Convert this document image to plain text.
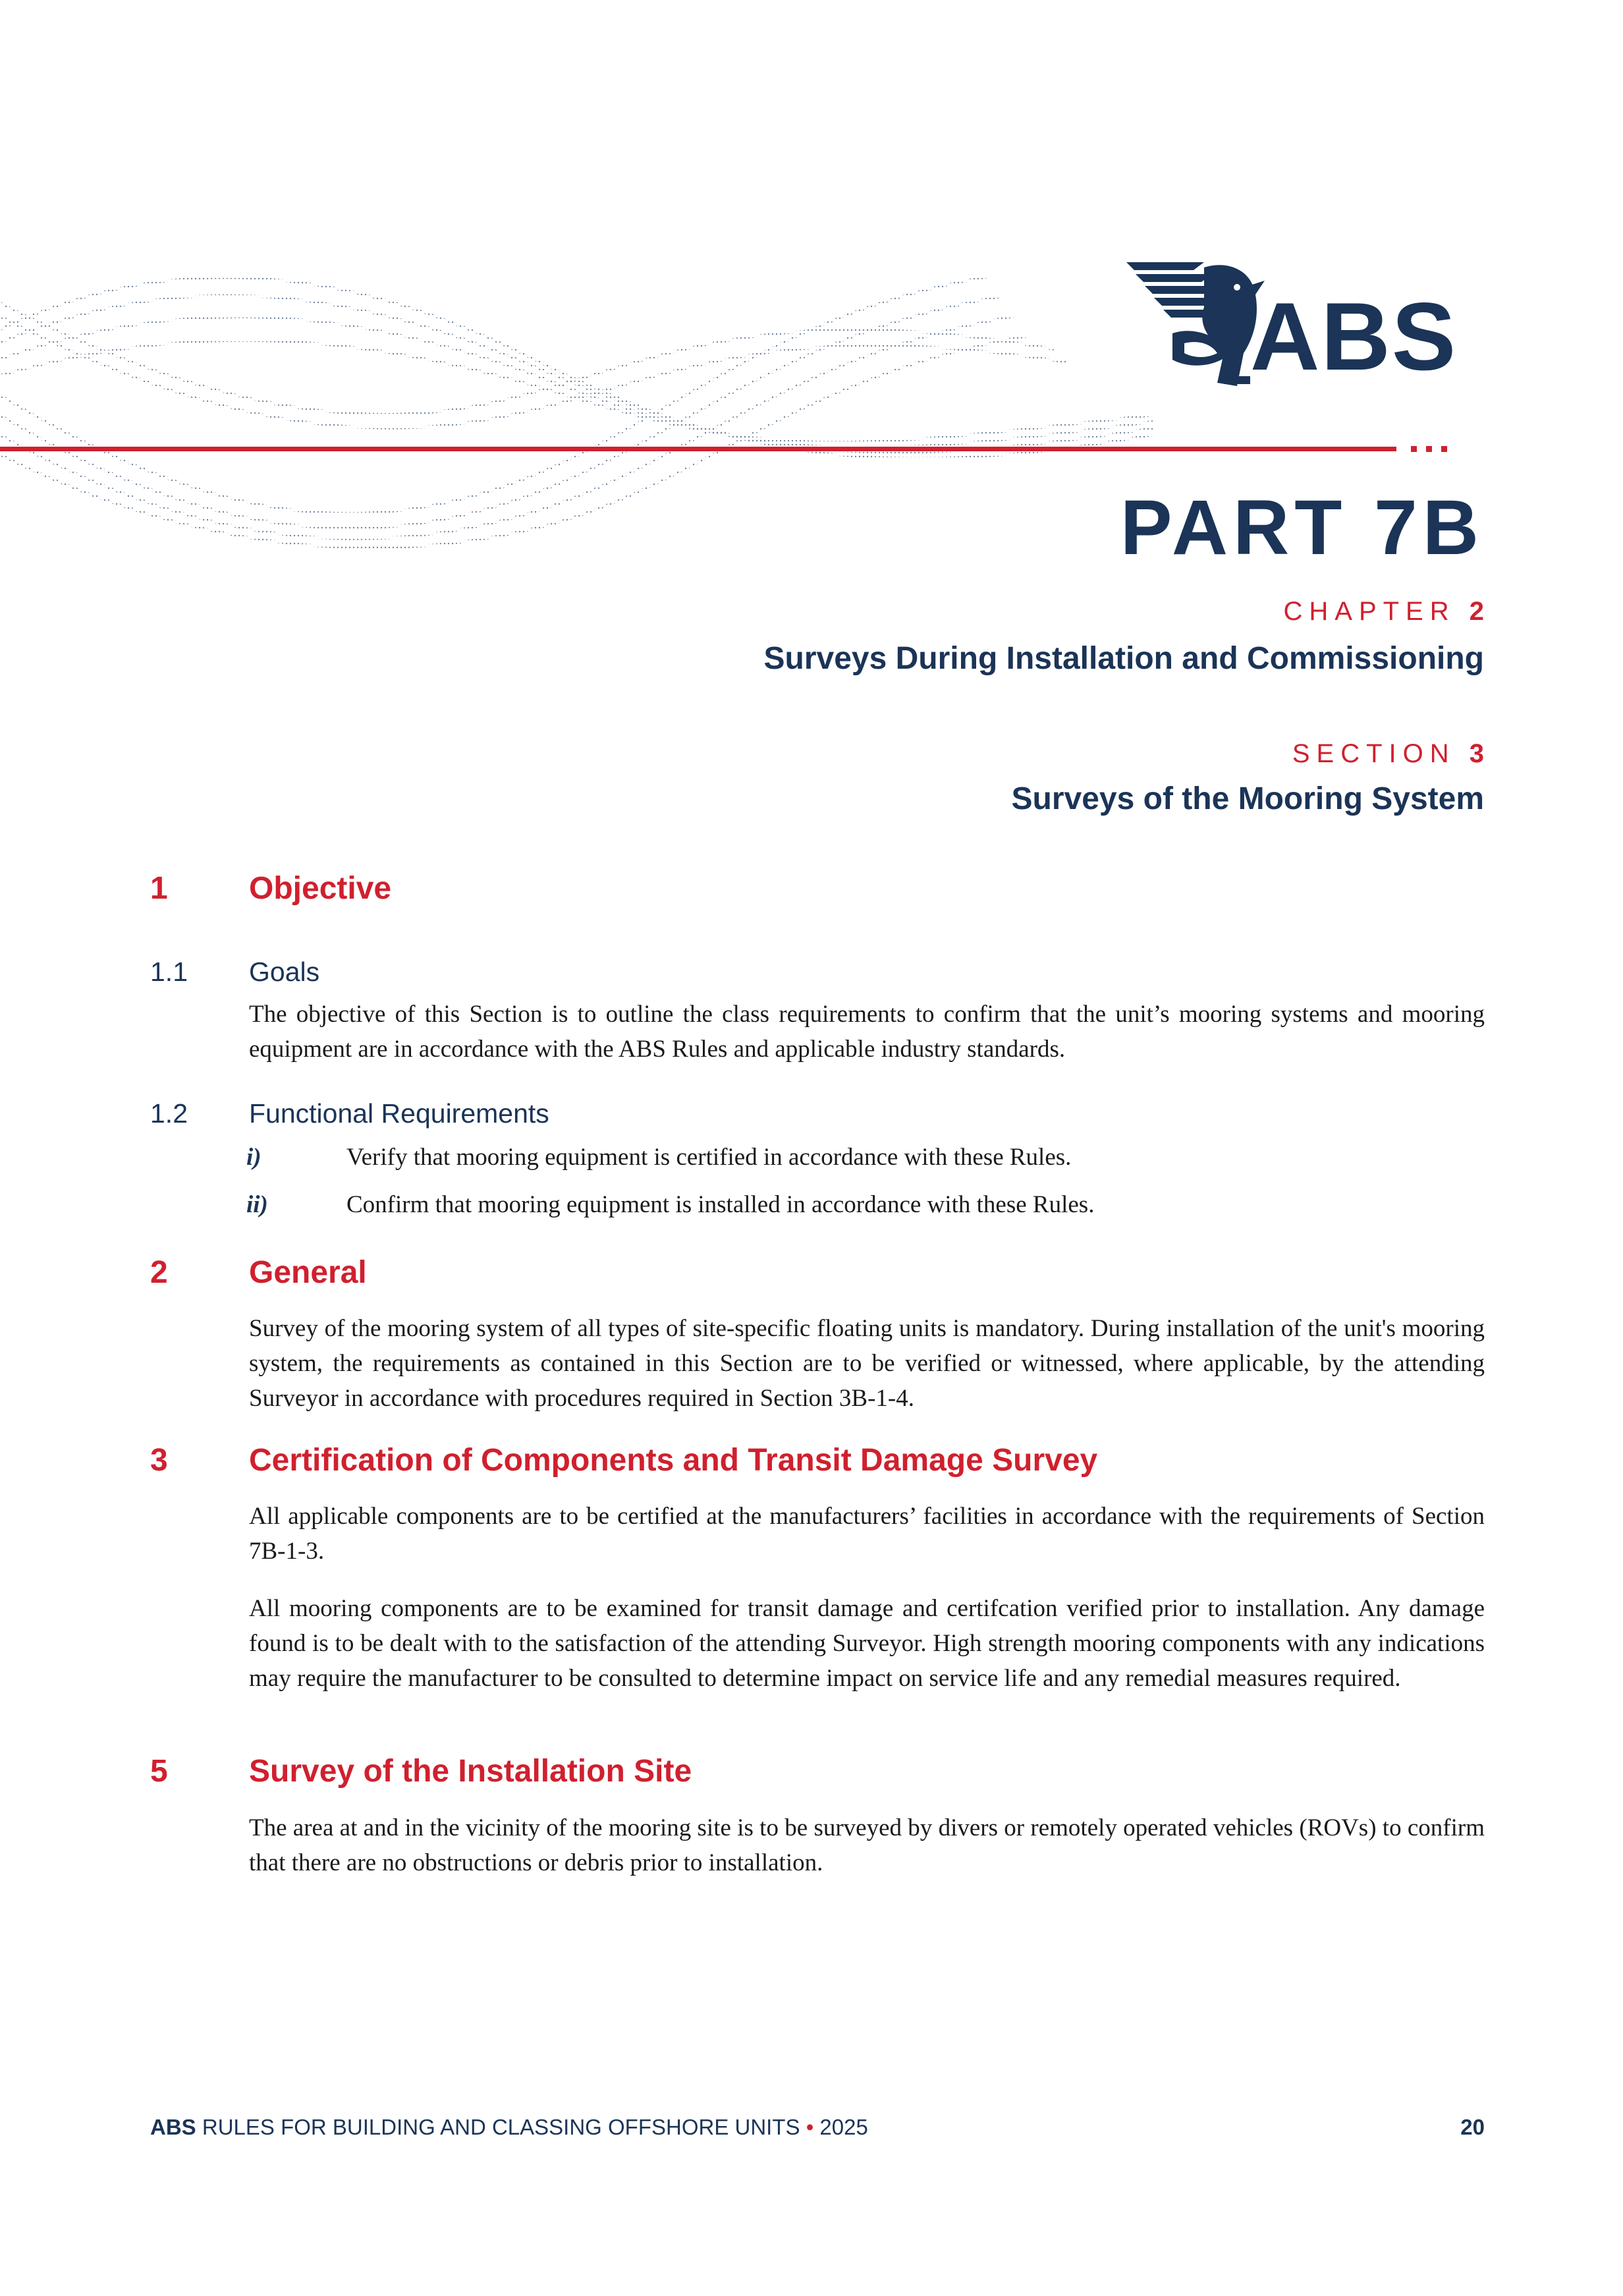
ABS
PART 7B
CHAPTER 2
Surveys During Installation and Commissioning
SECTION 3
Surveys of the Mooring System
1	Objective
1.1 Goals
The objective of this Section is to outline the class requirements to confirm that the unit’s mooring systems and mooring equipment are in accordance with the ABS Rules and applicable industry standards.
1.2 Functional Requirements
i)	Verify that mooring equipment is certified in accordance with these Rules.
ii)	Confirm that mooring equipment is installed in accordance with these Rules.
2	General
Survey of the mooring system of all types of site-specific floating units is mandatory. During installation of the unit's mooring system, the requirements as contained in this Section are to be verified or witnessed, where applicable, by the attending Surveyor in accordance with procedures required in Section 3B-1-4.
3	Certification of Components and Transit Damage Survey
All applicable components are to be certified at the manufacturers’ facilities in accordance with the requirements of Section 7B-1-3.
All mooring components are to be examined for transit damage and certifcation verified prior to installation. Any damage found is to be dealt with to the satisfaction of the attending Surveyor. High strength mooring components with any indications may require the manufacturer to be consulted to determine impact on service life and any remedial measures required.
5	Survey of the Installation Site
The area at and in the vicinity of the mooring site is to be surveyed by divers or remotely operated vehicles (ROVs) to confirm that there are no obstructions or debris prior to installation.
ABS RULES FOR BUILDING AND CLASSING OFFSHORE UNITS • 2025	20
